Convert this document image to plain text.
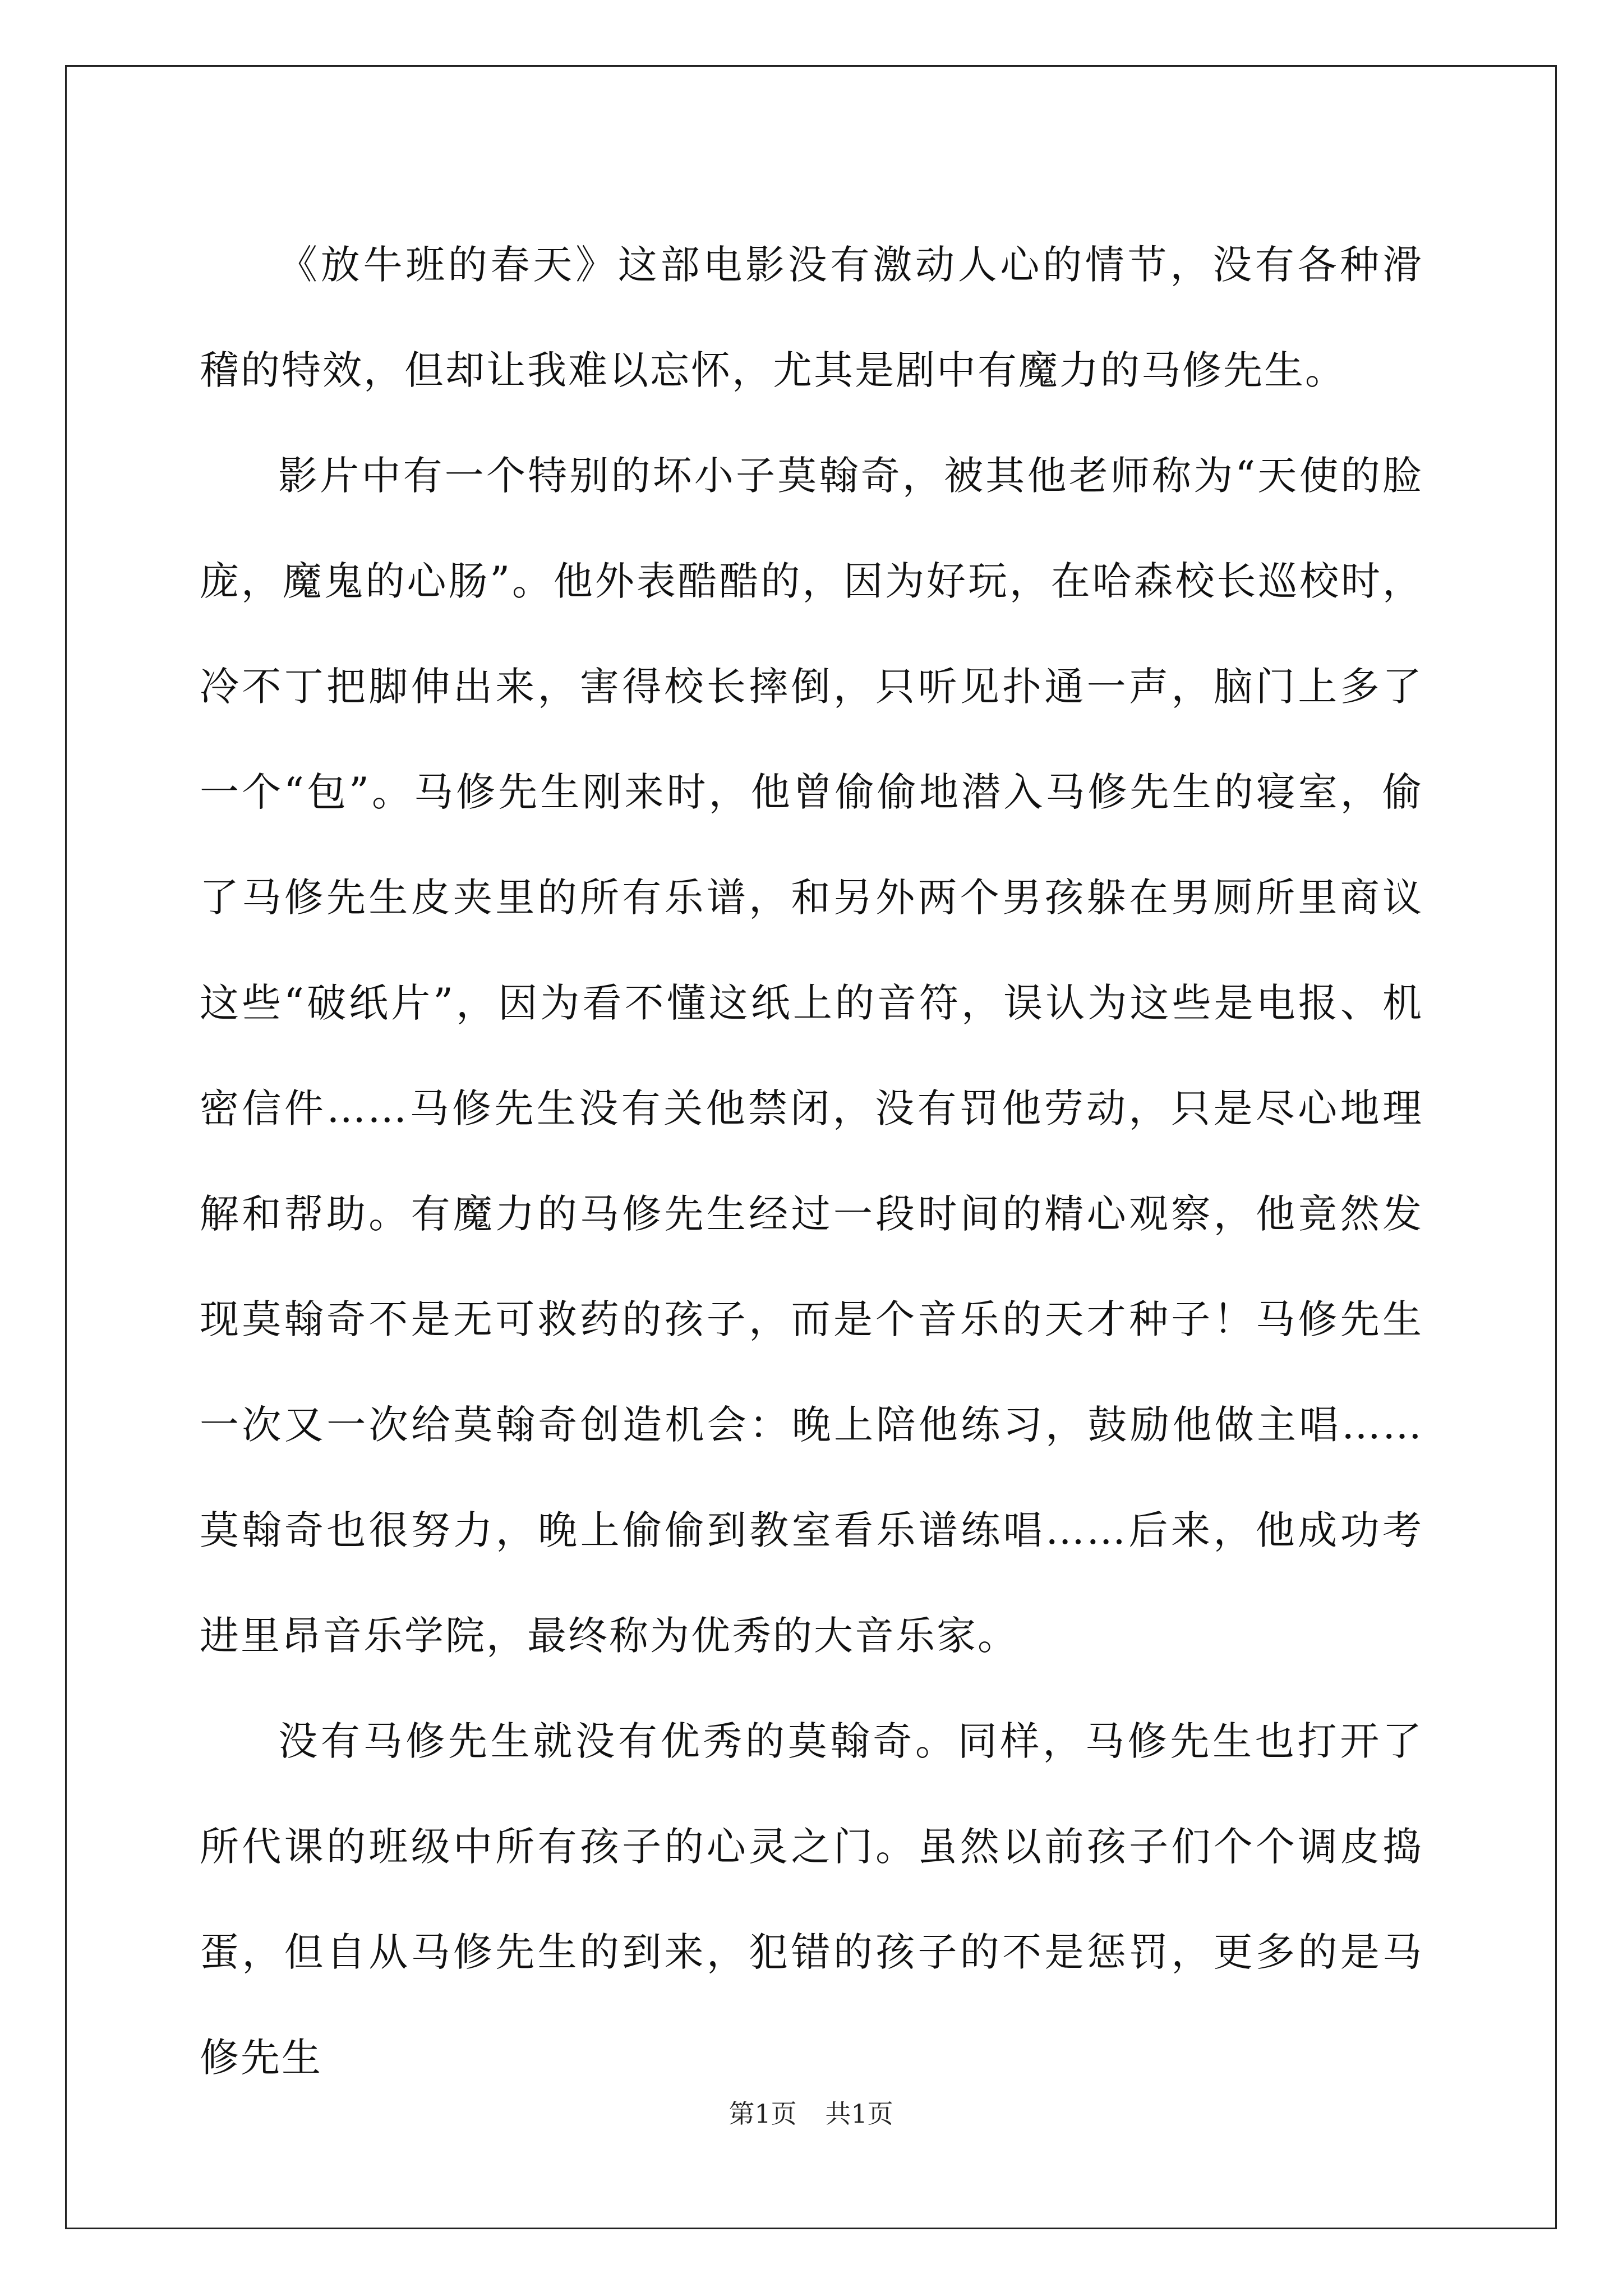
《放牛班的春天》这部电影没有激动人心的情节，没有各种滑稽的特效，但却让我难以忘怀，尤其是剧中有魔力的马修先生。

影片中有一个特别的坏小子莫翰奇，被其他老师称为“天使的脸庞，魔鬼的心肠”。他外表酷酷的，因为好玩，在哈森校长巡校时，冷不丁把脚伸出来，害得校长摔倒，只听见扑通一声，脑门上多了一个“包”。马修先生刚来时，他曾偷偷地潜入马修先生的寝室，偷了马修先生皮夹里的所有乐谱，和另外两个男孩躲在男厕所里商议这些“破纸片”，因为看不懂这纸上的音符，误认为这些是电报、机密信件……马修先生没有关他禁闭，没有罚他劳动，只是尽心地理解和帮助。有魔力的马修先生经过一段时间的精心观察，他竟然发现莫翰奇不是无可救药的孩子，而是个音乐的天才种子！马修先生一次又一次给莫翰奇创造机会：晚上陪他练习，鼓励他做主唱……莫翰奇也很努力，晚上偷偷到教室看乐谱练唱……后来，他成功考进里昂音乐学院，最终称为优秀的大音乐家。

没有马修先生就没有优秀的莫翰奇。同样，马修先生也打开了所代课的班级中所有孩子的心灵之门。虽然以前孩子们个个调皮捣蛋，但自从马修先生的到来，犯错的孩子的不是惩罚，更多的是马修先生

第1页 共1页
